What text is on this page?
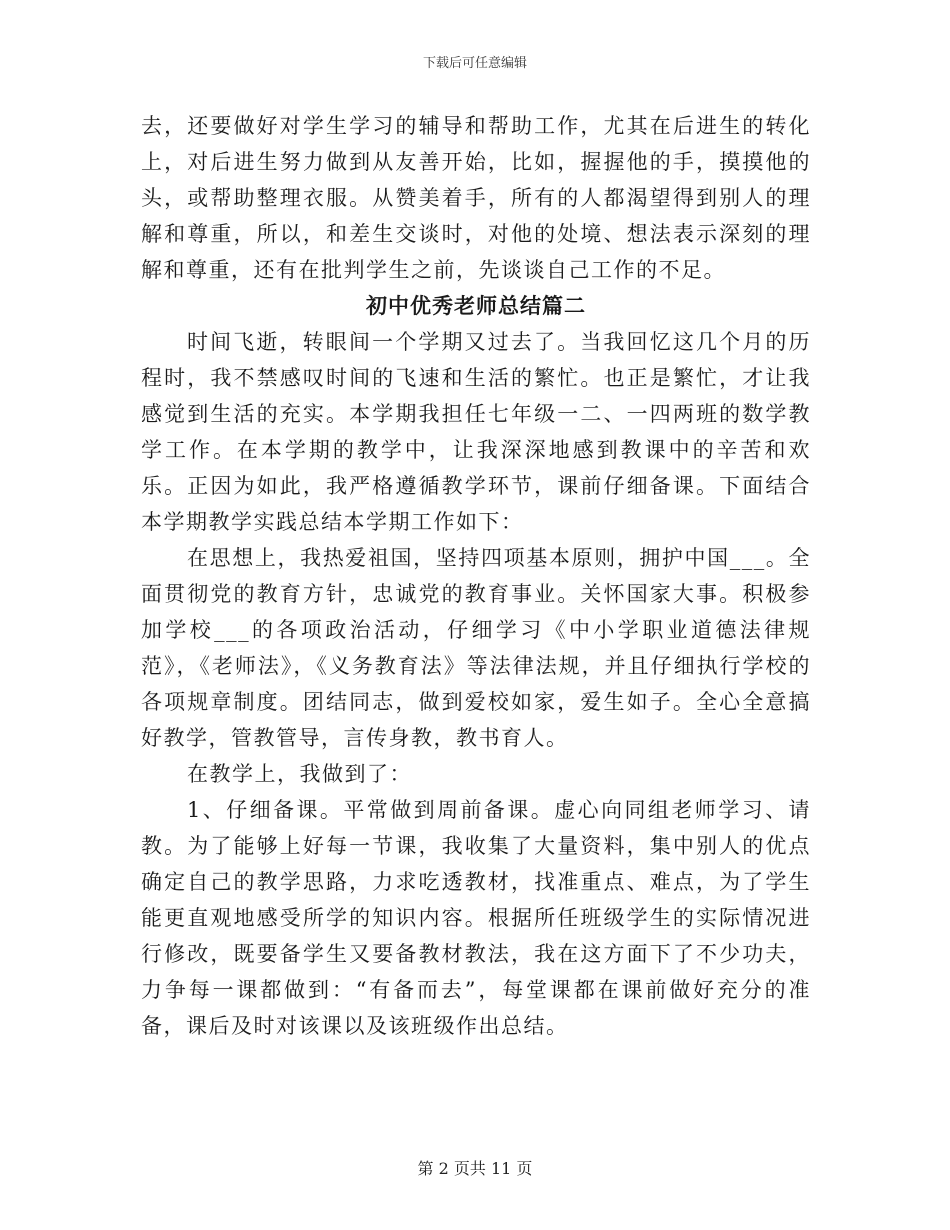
下载后可任意编辑

去，还要做好对学生学习的辅导和帮助工作，尤其在后进生的转化上，对后进生努力做到从友善开始，比如，握握他的手，摸摸他的头，或帮助整理衣服。从赞美着手，所有的人都渴望得到别人的理解和尊重，所以，和差生交谈时，对他的处境、想法表示深刻的理解和尊重，还有在批判学生之前，先谈谈自己工作的不足。

初中优秀老师总结篇二

时间飞逝，转眼间一个学期又过去了。当我回忆这几个月的历程时，我不禁感叹时间的飞速和生活的繁忙。也正是繁忙，才让我感觉到生活的充实。本学期我担任七年级一二、一四两班的数学教学工作。在本学期的教学中，让我深深地感到教课中的辛苦和欢乐。正因为如此，我严格遵循教学环节，课前仔细备课。下面结合本学期教学实践总结本学期工作如下：

在思想上，我热爱祖国，坚持四项基本原则，拥护中国___。全面贯彻党的教育方针，忠诚党的教育事业。关怀国家大事。积极参加学校___的各项政治活动，仔细学习《中小学职业道德法律规范》，《老师法》，《义务教育法》等法律法规，并且仔细执行学校的各项规章制度。团结同志，做到爱校如家，爱生如子。全心全意搞好教学，管教管导，言传身教，教书育人。

在教学上，我做到了：

1、仔细备课。平常做到周前备课。虚心向同组老师学习、请教。为了能够上好每一节课，我收集了大量资料，集中别人的优点确定自己的教学思路，力求吃透教材，找准重点、难点，为了学生能更直观地感受所学的知识内容。根据所任班级学生的实际情况进行修改，既要备学生又要备教材教法，我在这方面下了不少功夫，力争每一课都做到：“有备而去”，每堂课都在课前做好充分的准备，课后及时对该课以及该班级作出总结。

第 2 页共 11 页
